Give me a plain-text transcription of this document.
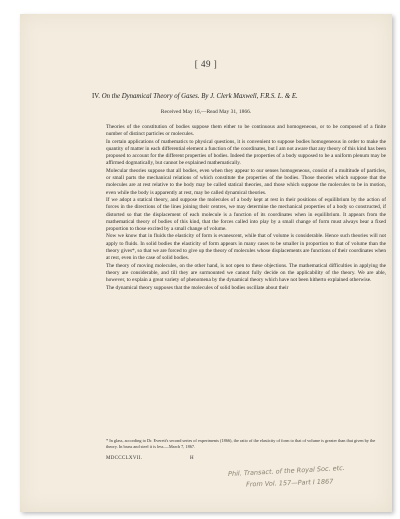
[ 49 ]
IV. On the Dynamical Theory of Gases. By J. Clerk Maxwell, F.R.S. L. & E.
Received May 16,—Read May 31, 1866.

Theories of the constitution of bodies suppose them either to be continuous and homogeneous, or to be composed of a finite number of distinct particles or molecules.

In certain applications of mathematics to physical questions, it is convenient to suppose bodies homogeneous in order to make the quantity of matter in each differential element a function of the coordinates, but I am not aware that any theory of this kind has been proposed to account for the different properties of bodies. Indeed the properties of a body supposed to be a uniform plenum may be affirmed dogmatically, but cannot be explained mathematically.

Molecular theories suppose that all bodies, even when they appear to our senses homogeneous, consist of a multitude of particles, or small parts the mechanical relations of which constitute the properties of the bodies. Those theories which suppose that the molecules are at rest relative to the body may be called statical theories, and those which suppose the molecules to be in motion, even while the body is apparently at rest, may be called dynamical theories.

If we adopt a statical theory, and suppose the molecules of a body kept at rest in their positions of equilibrium by the action of forces in the directions of the lines joining their centres, we may determine the mechanical properties of a body so constructed, if distorted so that the displacement of each molecule is a function of its coordinates when in equilibrium. It appears from the mathematical theory of bodies of this kind, that the forces called into play by a small change of form must always bear a fixed proportion to those excited by a small change of volume.

Now we know that in fluids the elasticity of form is evanescent, while that of volume is considerable. Hence such theories will not apply to fluids. In solid bodies the elasticity of form appears in many cases to be smaller in proportion to that of volume than the theory gives*, so that we are forced to give up the theory of molecules whose displacements are functions of their coordinates when at rest, even in the case of solid bodies.

The theory of moving molecules, on the other hand, is not open to these objections. The mathematical difficulties in applying the theory are considerable, and till they are surmounted we cannot fully decide on the applicability of the theory. We are able, however, to explain a great variety of phenomena by the dynamical theory which have not been hitherto explained otherwise.

The dynamical theory supposes that the molecules of solid bodies oscillate about their

* In glass, according to Dr. Everett's second series of experiments (1866), the ratio of the elasticity of form to that of volume is greater than that given by the theory. In brass and steel it is less.—March 7, 1867.
MDCCCLXVII.	H
Phil. Transact. of the Royal Soc. etc.
From Vol. 157—Part I 1867
